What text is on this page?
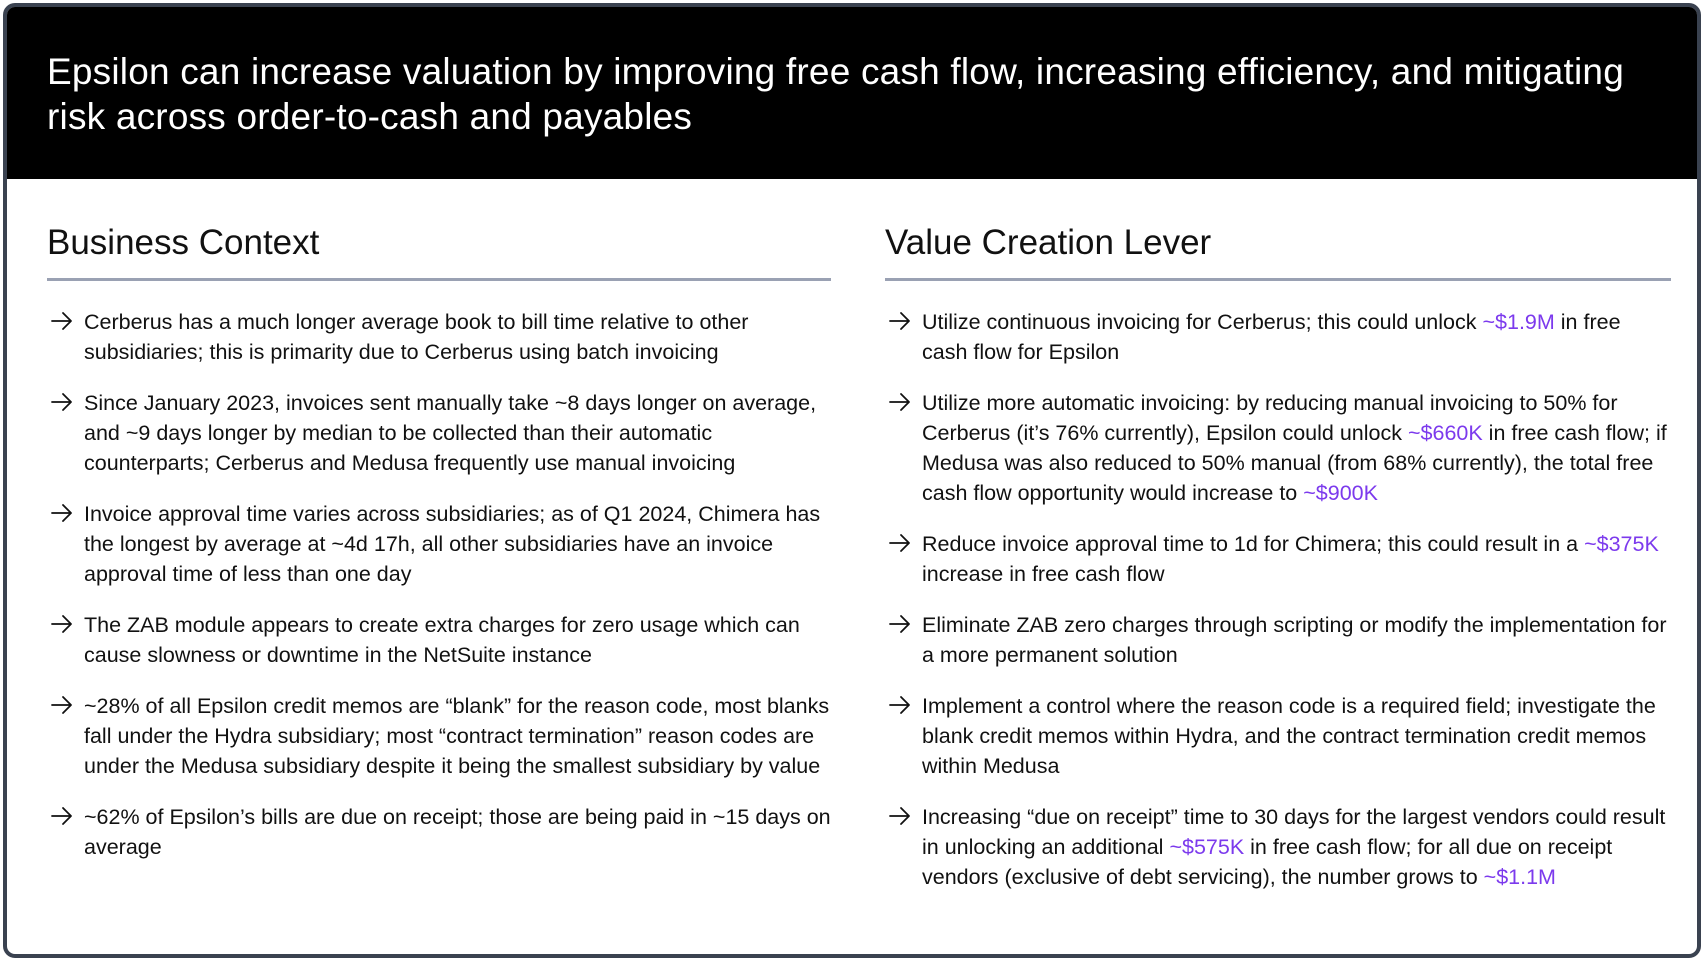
Epsilon can increase valuation by improving free cash flow, increasing efficiency, and mitigating risk across order-to-cash and payables
Business Context
Cerberus has a much longer average book to bill time relative to other subsidiaries; this is primarity due to Cerberus using batch invoicing
Since January 2023, invoices sent manually take ~8 days longer on average, and ~9 days longer by median to be collected than their automatic counterparts; Cerberus and Medusa frequently use manual invoicing
Invoice approval time varies across subsidiaries; as of Q1 2024, Chimera has the longest by average at ~4d 17h, all other subsidiaries have an invoice approval time of less than one day
The ZAB module appears to create extra charges for zero usage which can cause slowness or downtime in the NetSuite instance
~28% of all Epsilon credit memos are “blank” for the reason code, most blanks fall under the Hydra subsidiary; most “contract termination” reason codes are under the Medusa subsidiary despite it being the smallest subsidiary by value
~62% of Epsilon’s bills are due on receipt; those are being paid in ~15 days on average
Value Creation Lever
Utilize continuous invoicing for Cerberus; this could unlock ~$1.9M in free cash flow for Epsilon
Utilize more automatic invoicing: by reducing manual invoicing to 50% for Cerberus (it’s 76% currently), Epsilon could unlock ~$660K in free cash flow; if Medusa was also reduced to 50% manual (from 68% currently), the total free cash flow opportunity would increase to ~$900K
Reduce invoice approval time to 1d for Chimera; this could result in a ~$375K increase in free cash flow
Eliminate ZAB zero charges through scripting or modify the implementation for a more permanent solution
Implement a control where the reason code is a required field; investigate the blank credit memos within Hydra, and the contract termination credit memos within Medusa
Increasing “due on receipt” time to 30 days for the largest vendors could result in unlocking an additional ~$575K in free cash flow; for all due on receipt vendors (exclusive of debt servicing), the number grows to ~$1.1M
